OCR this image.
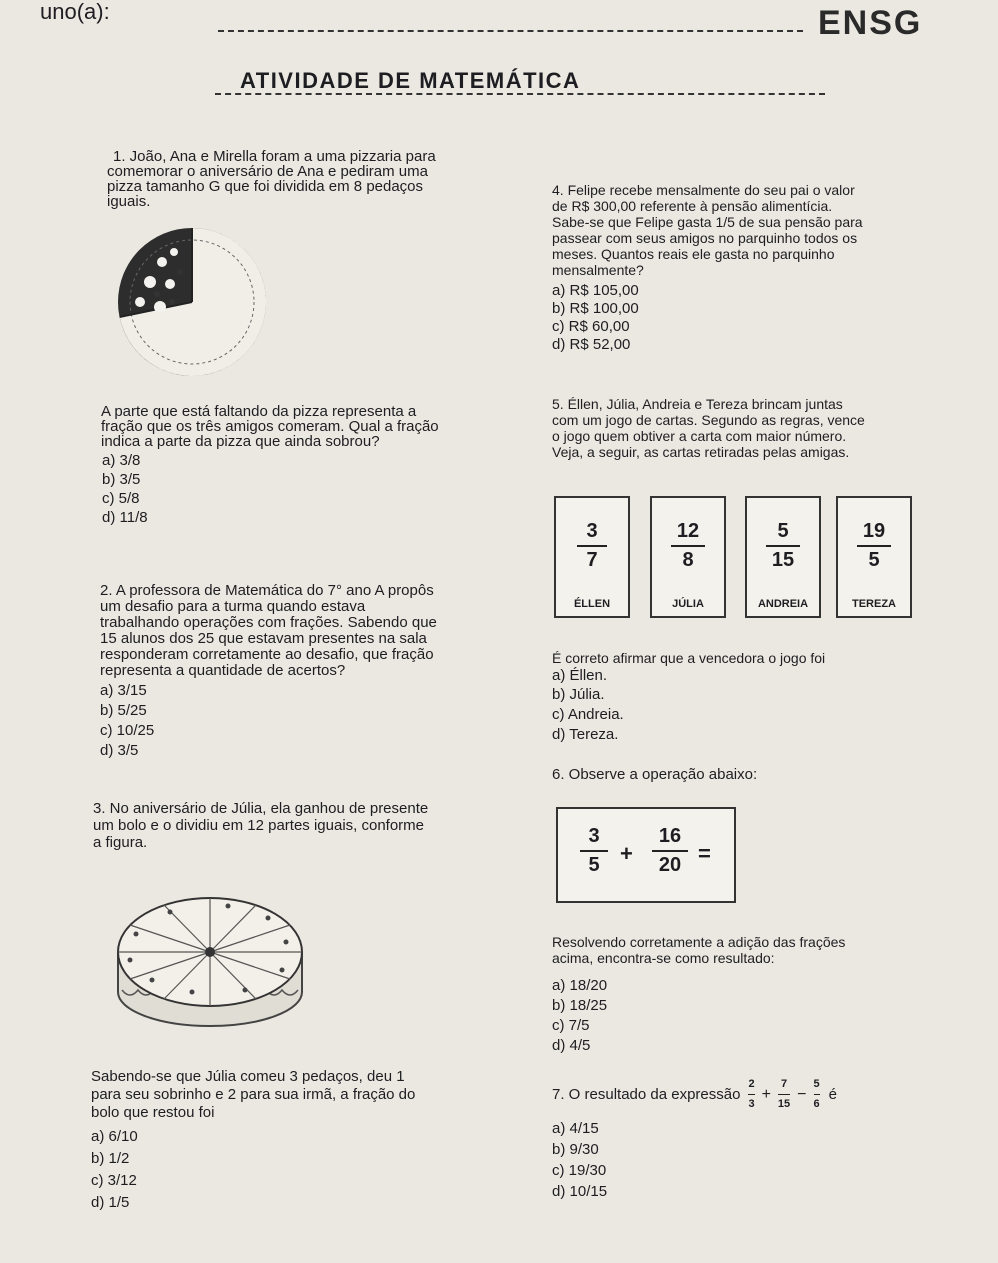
uno(a):	ENSG
ATIVIDADE DE MATEMÁTICA
1. João, Ana e Mirella foram a uma pizzaria para
comemorar o aniversário de Ana e pediram uma
pizza tamanho G que foi dividida em 8 pedaços
iguais.
A parte que está faltando da pizza representa a
fração que os três amigos comeram. Qual a fração
indica a parte da pizza que ainda sobrou?
a) 3/8
b) 3/5
c) 5/8
d) 11/8
2. A professora de Matemática do 7° ano A propôs
um desafio para a turma quando estava
trabalhando operações com frações. Sabendo que
15 alunos dos 25 que estavam presentes na sala
responderam corretamente ao desafio, que fração
representa a quantidade de acertos?
a) 3/15
b) 5/25
c) 10/25
d) 3/5
3. No aniversário de Júlia, ela ganhou de presente
um bolo e o dividiu em 12 partes iguais, conforme
a figura.
Sabendo-se que Júlia comeu 3 pedaços, deu 1
para seu sobrinho e 2 para sua irmã, a fração do
bolo que restou foi
a) 6/10
b) 1/2
c) 3/12
d) 1/5
4. Felipe recebe mensalmente do seu pai o valor
de R$ 300,00 referente à pensão alimentícia.
Sabe-se que Felipe gasta 1/5 de sua pensão para
passear com seus amigos no parquinho todos os
meses. Quantos reais ele gasta no parquinho
mensalmente?
a) R$ 105,00
b) R$ 100,00
c) R$ 60,00
d) R$ 52,00
5. Éllen, Júlia, Andreia e Tereza brincam juntas
com um jogo de cartas. Segundo as regras, vence
o jogo quem obtiver a carta com maior número.
Veja, a seguir, as cartas retiradas pelas amigas.
3
7
ÉLLEN
12
8
JÚLIA
5
15
ANDREIA
19
5
TEREZA
É correto afirmar que a vencedora o jogo foi
a) Éllen.
b) Júlia.
c) Andreia.
d) Tereza.
6. Observe a operação abaixo:
3
5 +
16
20 =
Resolvendo corretamente a adição das frações
acima, encontra-se como resultado:
a) 18/20
b) 18/25
c) 7/5
d) 4/5
7. O resultado da expressão
2
3
+
7
15
−
5
6
é
a) 4/15
b) 9/30
c) 19/30
d) 10/15
